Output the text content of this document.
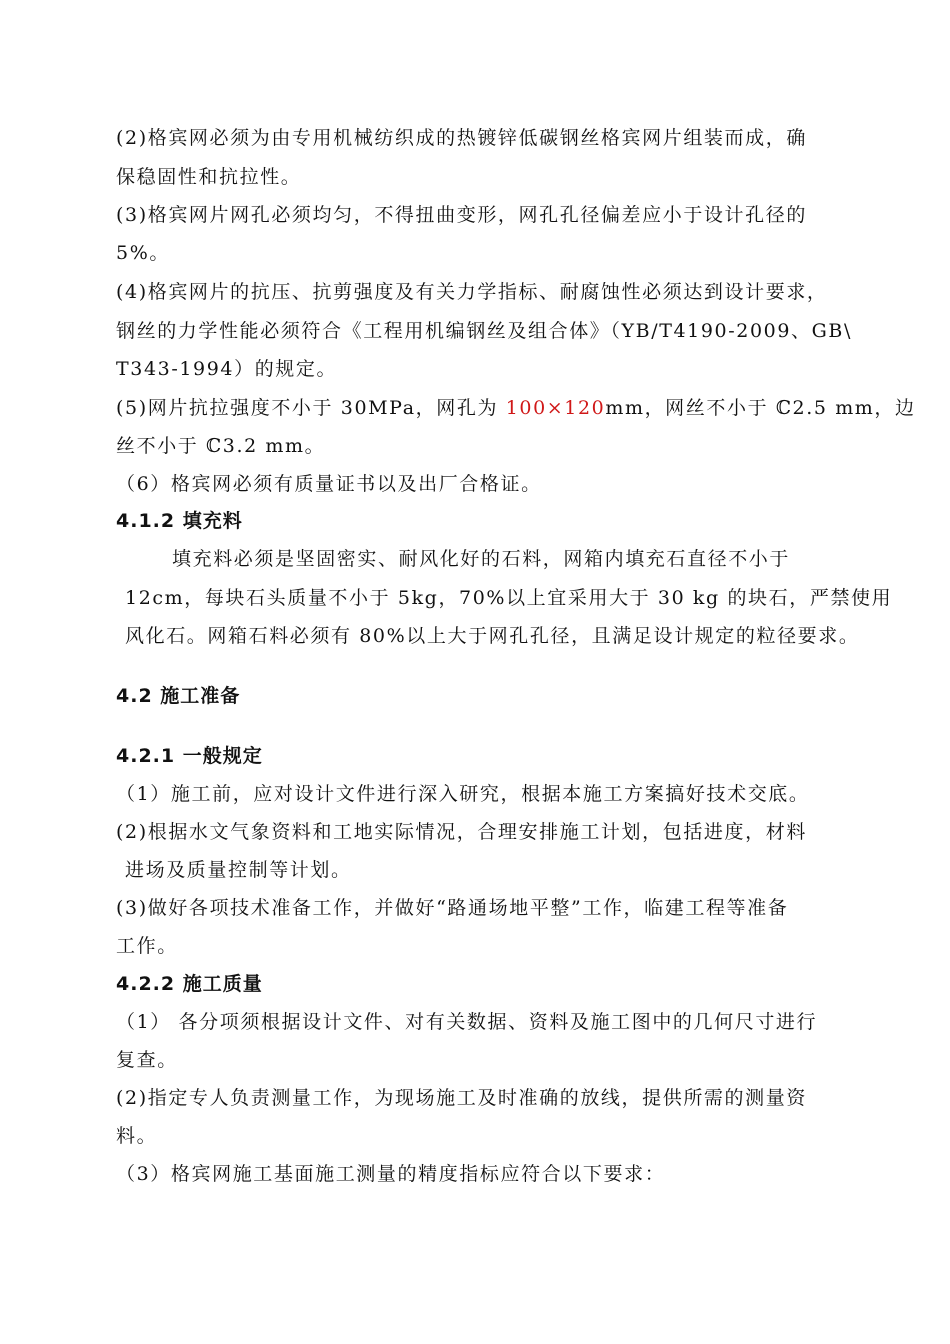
(2)格宾网必须为由专用机械纺织成的热镀锌低碳钢丝格宾网片组装而成，确
保稳固性和抗拉性。
(3)格宾网片网孔必须均匀，不得扭曲变形，网孔孔径偏差应小于设计孔径的
5%。
(4)格宾网片的抗压、抗剪强度及有关力学指标、耐腐蚀性必须达到设计要求，
钢丝的力学性能必须符合《工程用机编钢丝及组合体》（YB/T4190-2009、GB\
T343-1994）的规定。
(5)网片抗拉强度不小于 30MPa，网孔为 100×120mm，网丝不小于 ℂ2.5 mm，边
丝不小于 ℂ3.2 mm。
（6）格宾网必须有质量证书以及出厂合格证。
4.1.2 填充料
填充料必须是坚固密实、耐风化好的石料，网箱内填充石直径不小于
12cm，每块石头质量不小于 5kg，70%以上宜采用大于 30 kg 的块石，严禁使用
风化石。网箱石料必须有 80%以上大于网孔孔径，且满足设计规定的粒径要求。
4.2 施工准备
4.2.1 一般规定
（1）施工前，应对设计文件进行深入研究，根据本施工方案搞好技术交底。
(2)根据水文气象资料和工地实际情况，合理安排施工计划，包括进度，材料
进场及质量控制等计划。
(3)做好各项技术准备工作，并做好“路通场地平整”工作，临建工程等准备
工作。
4.2.2 施工质量
（1） 各分项须根据设计文件、对有关数据、资料及施工图中的几何尺寸进行
复查。
(2)指定专人负责测量工作，为现场施工及时准确的放线，提供所需的测量资
料。
（3）格宾网施工基面施工测量的精度指标应符合以下要求：
